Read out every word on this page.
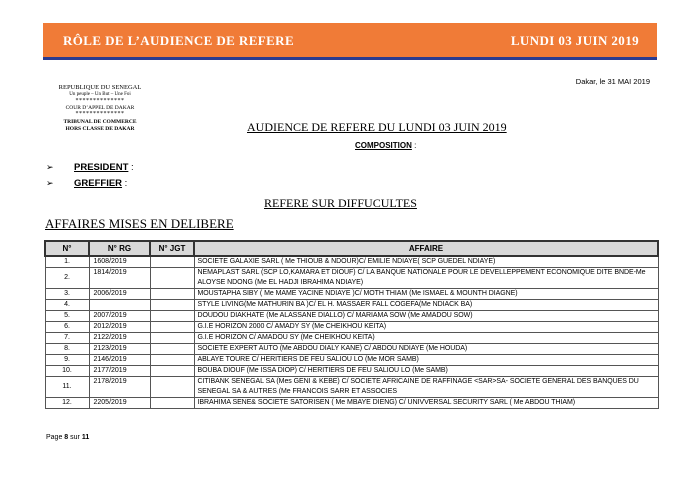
RÔLE DE L’AUDIENCE DE REFERE	LUNDI 03 JUIN 2019
Dakar, le 31 MAI 2019
REPUBLIQUE DU SENEGAL
Un peuple – Un But – Une Foi
**************
COUR D’APPEL DE DAKAR
**************
TRIBUNAL DE COMMERCE
HORS CLASSE DE DAKAR	AUDIENCE DE REFERE DU LUNDI 03 JUIN 2019
COMPOSITION :
➢ PRESIDENT :
➢ GREFFIER :
REFERE SUR DIFFUCULTES
AFFAIRES MISES EN DELIBERE
N°	N° RG	N° JGT	AFFAIRE
1.	1608/2019		SOCIETE GALAXIE SARL ( Me THIOUB & NDOUR)C/ EMILIE NDIAYE( SCP GUEDEL NDIAYE)
2.	1814/2019		NEMAPLAST SARL (SCP LO,KAMARA ET DIOUF) C/ LA BANQUE NATIONALE POUR LE DEVELLEPPEMENT ECONOMIQUE DITE BNDE-Me ALOYSE NDONG (Me EL HADJI IBRAHIMA NDIAYE)
3.	2006/2019		MOUSTAPHA SIBY ( Me MAME YACINE NDIAYE )C/ MOTH THIAM (Me ISMAEL & MOUNTH DIAGNE)
4.			STYLE LIVING(Me MATHURIN BA )C/ EL H. MASSAER FALL COGEFA(Me NDIACK BA)
5.	2007/2019		DOUDOU DIAKHATE (Me ALASSANE DIALLO) C/ MARIAMA SOW (Me AMADOU SOW)
6.	2012/2019		G.I.E HORIZON 2000 C/ AMADY SY (Me CHEIKHOU KEITA)
7.	2122/2019		G.I.E HORIZON C/ AMADOU SY (Me CHEIKHOU KEITA)
8.	2123/2019		SOCIETE EXPERT AUTO (Me ABDOU DIALY KANE) C/ ABDOU NDIAYE (Me HOUDA)
9.	2146/2019		ABLAYE TOURE C/ HERITIERS DE FEU SALIOU LO (Me MOR SAMB)
10.	2177/2019		BOUBA DIOUF (Me ISSA DIOP) C/ HERITIERS DE FEU SALIOU LO (Me SAMB)
11.	2178/2019		CITIBANK SENEGAL SA (Mes GENI & KEBE) C/ SOCIETE AFRICAINE DE RAFFINAGE <SAR>SA- SOCIETE GENERAL DES BANQUES DU SENEGAL SA & AUTRES (Me FRANCOIS SARR ET ASSOCIES
12.	2205/2019		IBRAHIMA SENE& SOCIETE SATORISEN ( Me MBAYE DIENG) C/ UNIVVERSAL SECURITY SARL ( Me ABDOU THIAM)
Page 8 sur 11
